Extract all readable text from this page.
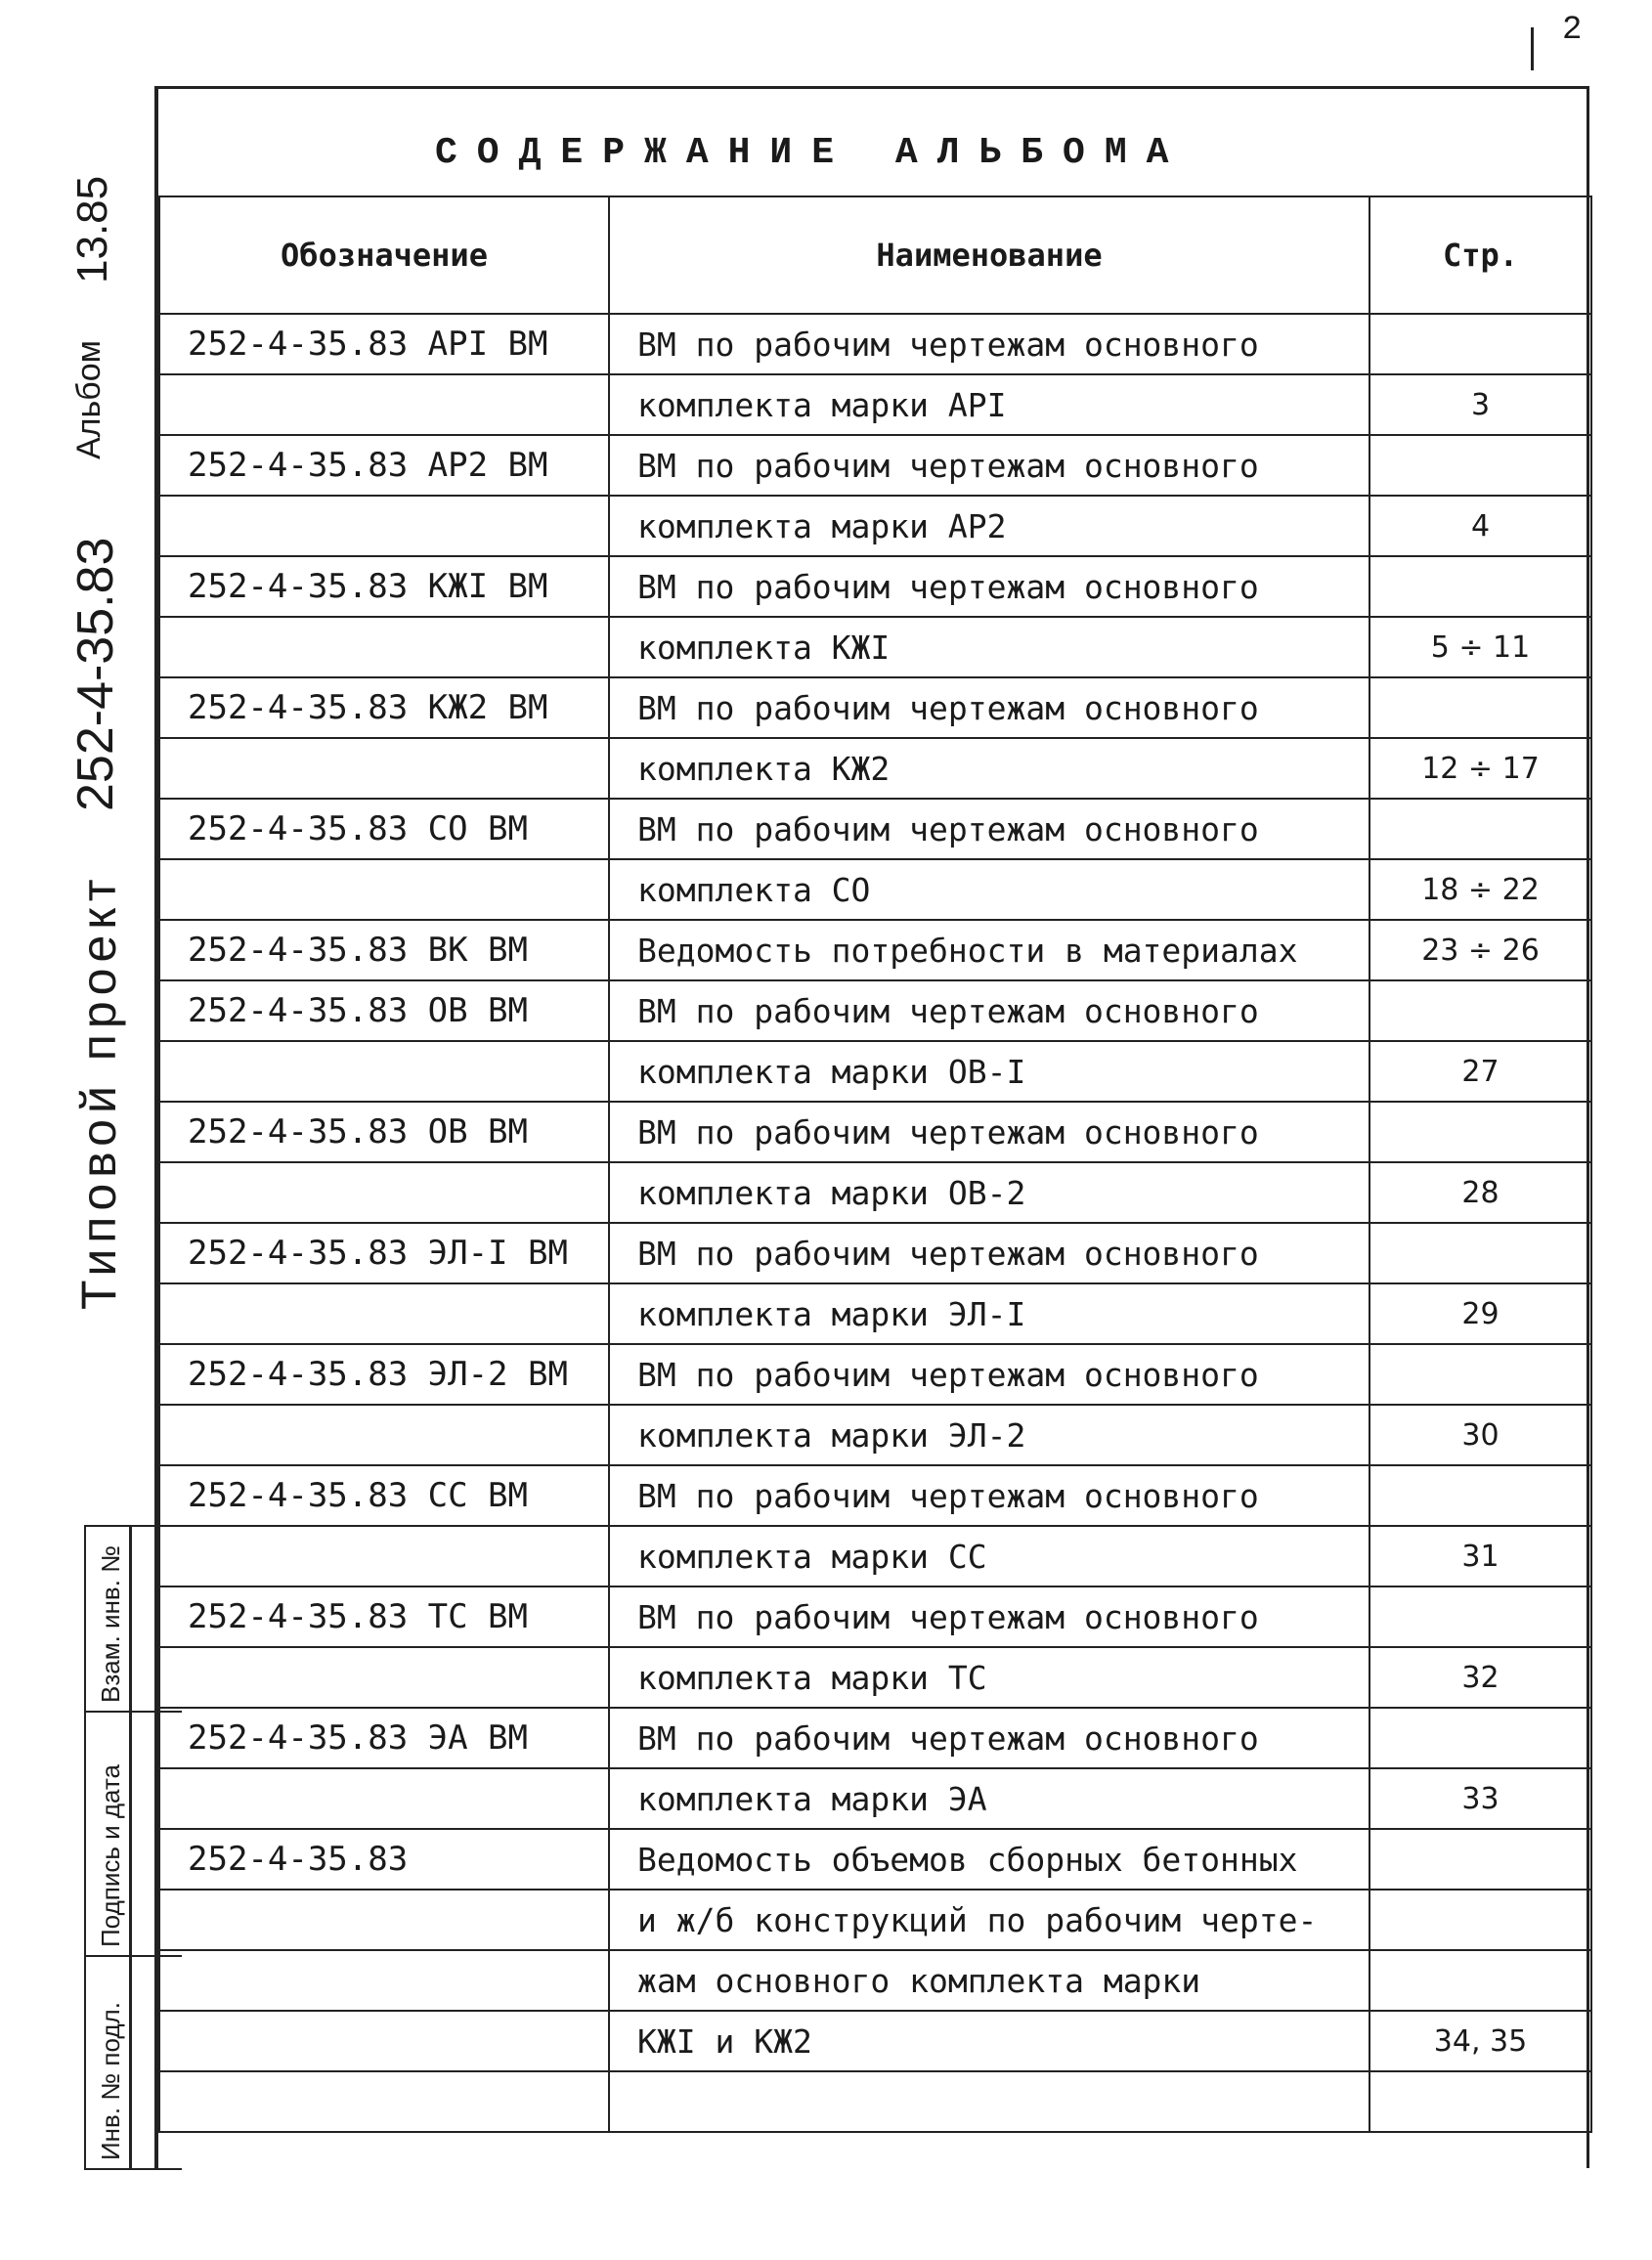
2
СОДЕРЖАНИЕ АЛЬБОМА
Обозначение	Наименование	Стр.
252-4-35.83 АРI ВМ	ВМ по рабочим чертежам основного	
	комплекта марки АРI	3
252-4-35.83 АР2 ВМ	ВМ по рабочим чертежам основного	
	комплекта марки АР2	4
252-4-35.83 КЖI ВМ	ВМ по рабочим чертежам основного	
	комплекта КЖI	5 ÷ 11
252-4-35.83 КЖ2 ВМ	ВМ по рабочим чертежам основного	
	комплекта КЖ2	12 ÷ 17
252-4-35.83 СО ВМ	ВМ по рабочим чертежам основного	
	комплекта СО	18 ÷ 22
252-4-35.83 ВК ВМ	Ведомость потребности в материалах	23 ÷ 26
252-4-35.83 ОВ ВМ	ВМ по рабочим чертежам основного	
	комплекта марки ОВ-I	27
252-4-35.83 ОВ ВМ	ВМ по рабочим чертежам основного	
	комплекта марки ОВ-2	28
252-4-35.83 ЭЛ-I ВМ	ВМ по рабочим чертежам основного	
	комплекта марки ЭЛ-I	29
252-4-35.83 ЭЛ-2 ВМ	ВМ по рабочим чертежам основного	
	комплекта марки ЭЛ-2	30
252-4-35.83 СС ВМ	ВМ по рабочим чертежам основного	
	комплекта марки СС	31
252-4-35.83 ТС ВМ	ВМ по рабочим чертежам основного	
	комплекта марки ТС	32
252-4-35.83 ЭА ВМ	ВМ по рабочим чертежам основного	
	комплекта марки ЭА	33
252-4-35.83	Ведомость объемов сборных бетонных	
	и ж/б конструкций по рабочим черте-	
	жам основного комплекта марки	
	КЖI и КЖ2	34, 35

13.85
Альбом
252-4-35.83
Типовой проект
Взам. инв. №
Подпись и дата
Инв. № подл.
